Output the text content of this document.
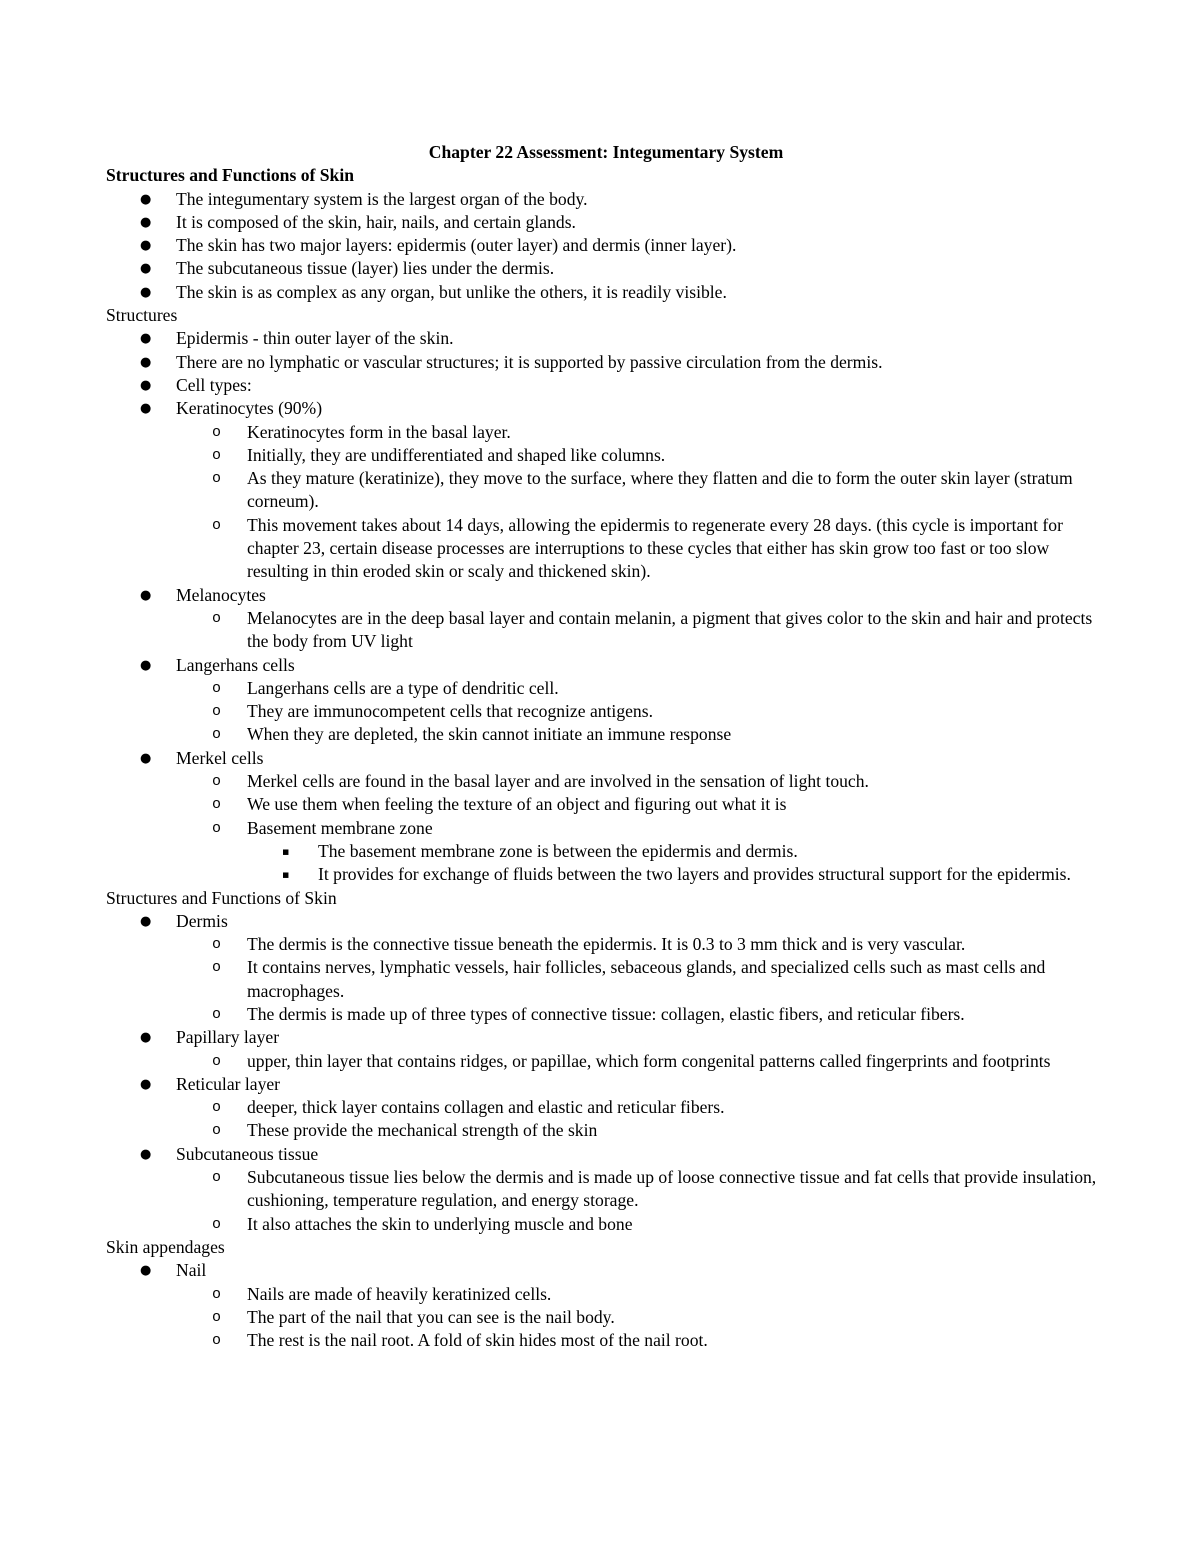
Chapter 22 Assessment: Integumentary System

Structures and Functions of Skin

● The integumentary system is the largest organ of the body.
● It is composed of the skin, hair, nails, and certain glands.
● The skin has two major layers: epidermis (outer layer) and dermis (inner layer).
● The subcutaneous tissue (layer) lies under the dermis.
● The skin is as complex as any organ, but unlike the others, it is readily visible.

Structures

● Epidermis - thin outer layer of the skin.
● There are no lymphatic or vascular structures; it is supported by passive circulation from the dermis.
● Cell types:
● Keratinocytes (90%)
o Keratinocytes form in the basal layer.
o Initially, they are undifferentiated and shaped like columns.
o As they mature (keratinize), they move to the surface, where they flatten and die to form the outer skin layer (stratum corneum).
o This movement takes about 14 days, allowing the epidermis to regenerate every 28 days. (this cycle is important for chapter 23, certain disease processes are interruptions to these cycles that either has skin grow too fast or too slow resulting in thin eroded skin or scaly and thickened skin).
● Melanocytes
o Melanocytes are in the deep basal layer and contain melanin, a pigment that gives color to the skin and hair and protects the body from UV light
● Langerhans cells
o Langerhans cells are a type of dendritic cell.
o They are immunocompetent cells that recognize antigens.
o When they are depleted, the skin cannot initiate an immune response
● Merkel cells
o Merkel cells are found in the basal layer and are involved in the sensation of light touch.
o We use them when feeling the texture of an object and figuring out what it is
o Basement membrane zone
▪ The basement membrane zone is between the epidermis and dermis.
▪ It provides for exchange of fluids between the two layers and provides structural support for the epidermis.

Structures and Functions of Skin

● Dermis
o The dermis is the connective tissue beneath the epidermis. It is 0.3 to 3 mm thick and is very vascular.
o It contains nerves, lymphatic vessels, hair follicles, sebaceous glands, and specialized cells such as mast cells and macrophages.
o The dermis is made up of three types of connective tissue: collagen, elastic fibers, and reticular fibers.
● Papillary layer
o upper, thin layer that contains ridges, or papillae, which form congenital patterns called fingerprints and footprints
● Reticular layer
o deeper, thick layer contains collagen and elastic and reticular fibers.
o These provide the mechanical strength of the skin
● Subcutaneous tissue
o Subcutaneous tissue lies below the dermis and is made up of loose connective tissue and fat cells that provide insulation, cushioning, temperature regulation, and energy storage.
o It also attaches the skin to underlying muscle and bone

Skin appendages

● Nail
o Nails are made of heavily keratinized cells.
o The part of the nail that you can see is the nail body.
o The rest is the nail root. A fold of skin hides most of the nail root.
